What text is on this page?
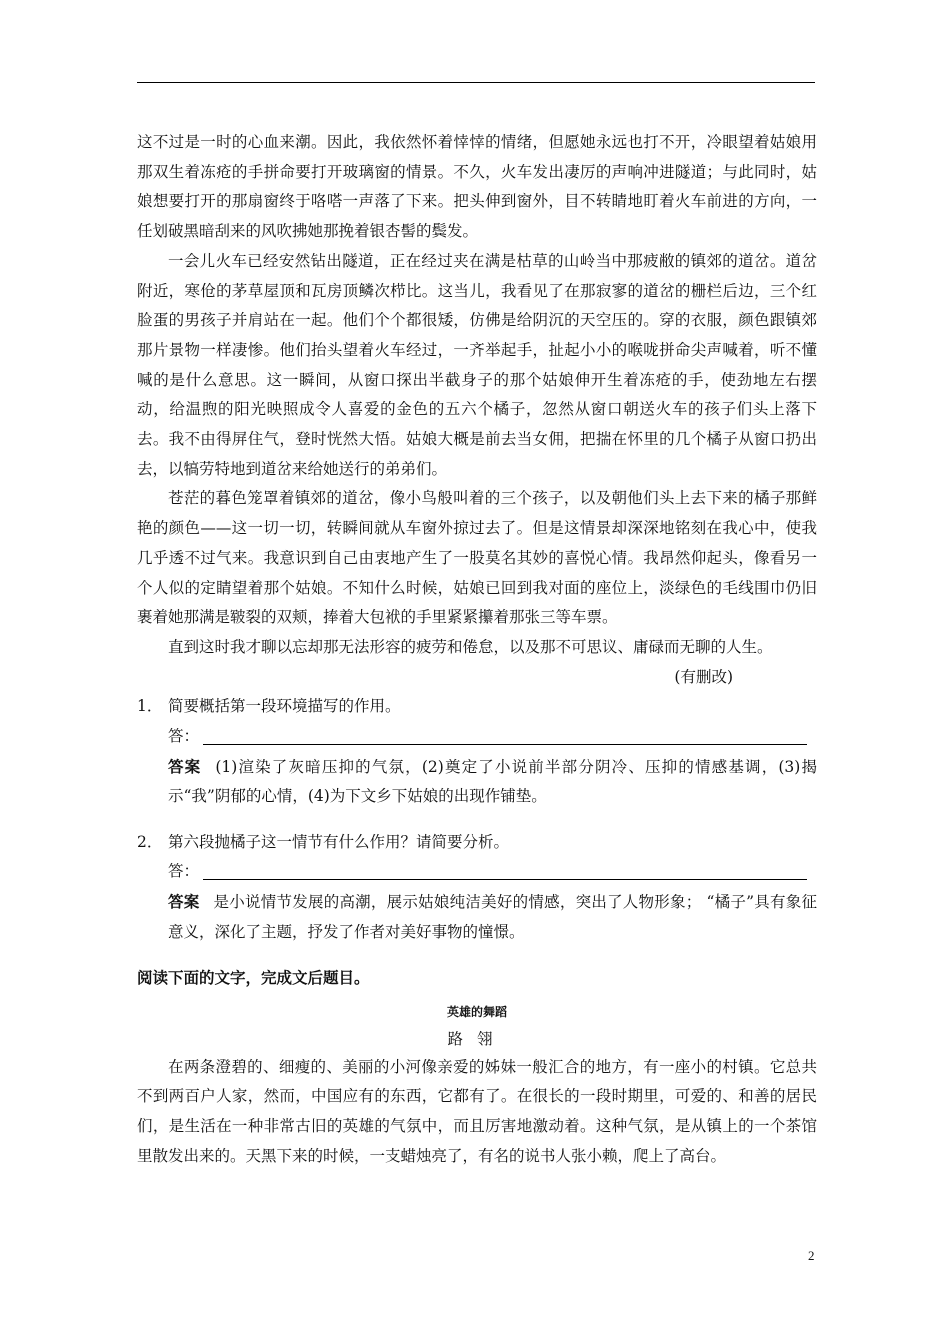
这不过是一时的心血来潮。因此，我依然怀着悻悻的情绪，但愿她永远也打不开，冷眼望着姑娘用那双生着冻疮的手拼命要打开玻璃窗的情景。不久，火车发出凄厉的声响冲进隧道；与此同时，姑娘想要打开的那扇窗终于咯嗒一声落了下来。把头伸到窗外，目不转睛地盯着火车前进的方向，一任划破黑暗刮来的风吹拂她那挽着银杏髻的鬓发。

一会儿火车已经安然钻出隧道，正在经过夹在满是枯草的山岭当中那疲敝的镇郊的道岔。道岔附近，寒伧的茅草屋顶和瓦房顶鳞次栉比。这当儿，我看见了在那寂寥的道岔的栅栏后边，三个红脸蛋的男孩子并肩站在一起。他们个个都很矮，仿佛是给阴沉的天空压的。穿的衣服，颜色跟镇郊那片景物一样凄惨。他们抬头望着火车经过，一齐举起手，扯起小小的喉咙拼命尖声喊着，听不懂喊的是什么意思。这一瞬间，从窗口探出半截身子的那个姑娘伸开生着冻疮的手，使劲地左右摆动，给温煦的阳光映照成令人喜爱的金色的五六个橘子，忽然从窗口朝送火车的孩子们头上落下去。我不由得屏住气，登时恍然大悟。姑娘大概是前去当女佣，把揣在怀里的几个橘子从窗口扔出去，以犒劳特地到道岔来给她送行的弟弟们。

苍茫的暮色笼罩着镇郊的道岔，像小鸟般叫着的三个孩子，以及朝他们头上去下来的橘子那鲜艳的颜色——这一切一切，转瞬间就从车窗外掠过去了。但是这情景却深深地铭刻在我心中，使我几乎透不过气来。我意识到自己由衷地产生了一股莫名其妙的喜悦心情。我昂然仰起头，像看另一个人似的定睛望着那个姑娘。不知什么时候，姑娘已回到我对面的座位上，淡绿色的毛线围巾仍旧裹着她那满是皲裂的双颊，捧着大包袱的手里紧紧攥着那张三等车票。

直到这时我才聊以忘却那无法形容的疲劳和倦怠，以及那不可思议、庸碌而无聊的人生。

(有删改)
1． 简要概括第一段环境描写的作用。
答：

答案 (1)渲染了灰暗压抑的气氛，(2)奠定了小说前半部分阴冷、压抑的情感基调，(3)揭示“我”阴郁的心情，(4)为下文乡下姑娘的出现作铺垫。

2． 第六段抛橘子这一情节有什么作用？请简要分析。
答：

答案 是小说情节发展的高潮，展示姑娘纯洁美好的情感，突出了人物形象； “橘子”具有象征意义，深化了主题，抒发了作者对美好事物的憧憬。

阅读下面的文字，完成文后题目。

英雄的舞蹈
路翎

在两条澄碧的、细瘦的、美丽的小河像亲爱的姊妹一般汇合的地方，有一座小的村镇。它总共不到两百户人家，然而，中国应有的东西，它都有了。在很长的一段时期里，可爱的、和善的居民们，是生活在一种非常古旧的英雄的气氛中，而且厉害地激动着。这种气氛，是从镇上的一个茶馆里散发出来的。天黑下来的时候，一支蜡烛亮了，有名的说书人张小赖，爬上了高台。

2
